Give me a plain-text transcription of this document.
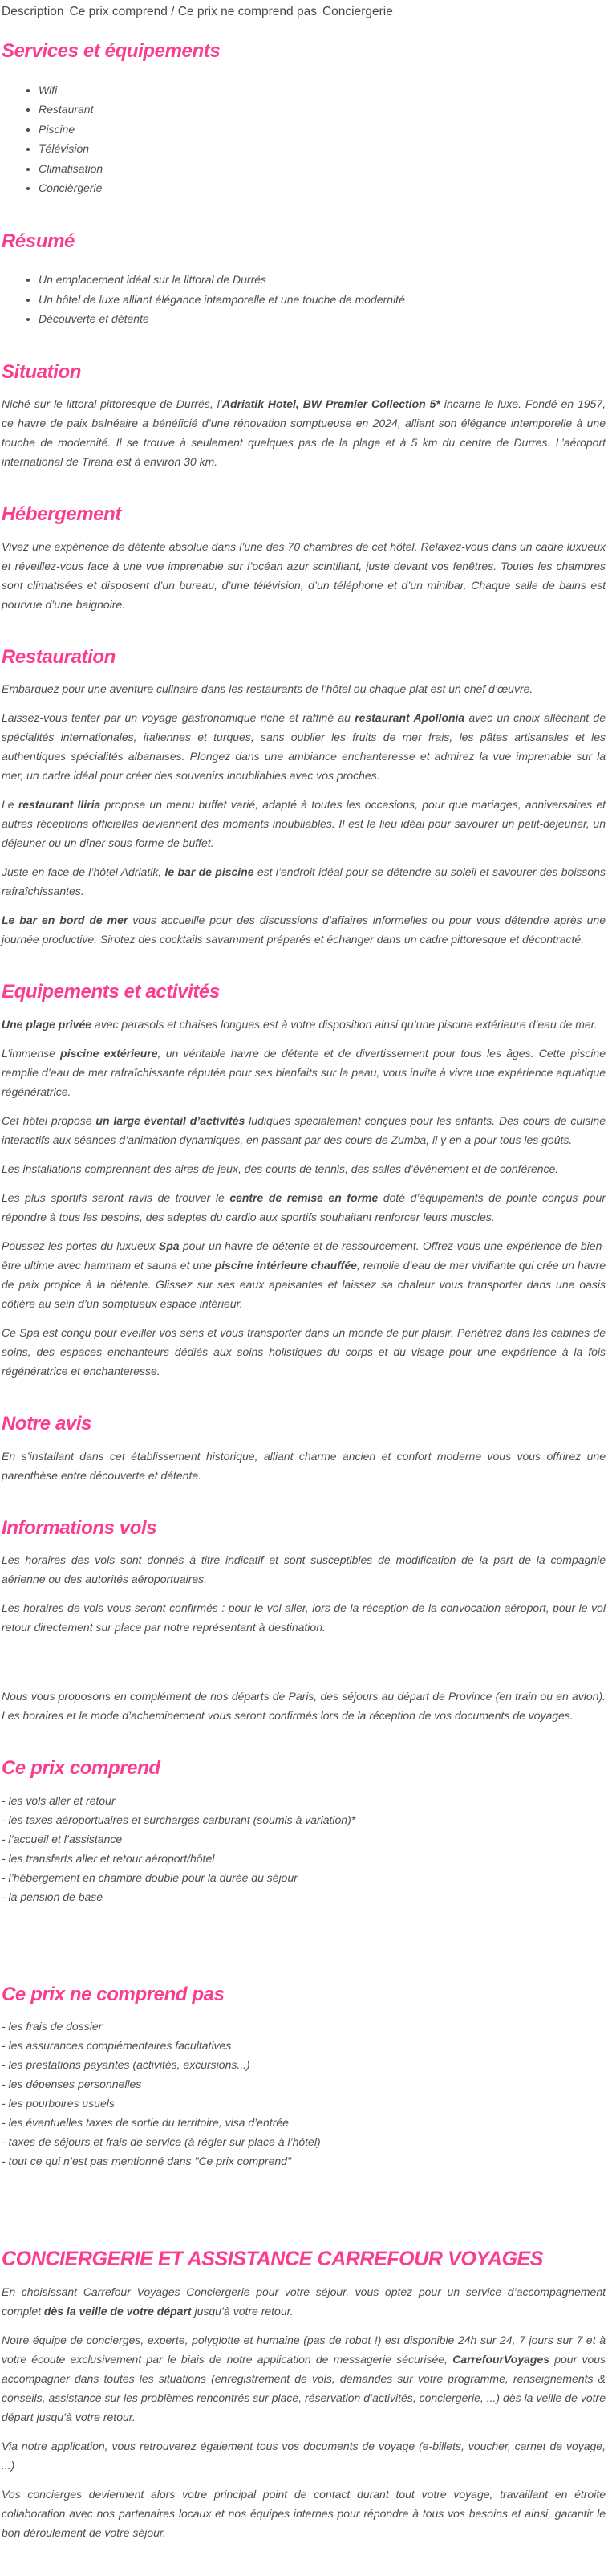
Description Ce prix comprend / Ce prix ne comprend pas Conciergerie
Services et équipements
• Wifi
• Restaurant
• Piscine
• Télévision
• Climatisation
• Concièrgerie
Résumé
• Un emplacement idéal sur le littoral de Durrës
• Un hôtel de luxe alliant élégance intemporelle et une touche de modernité
• Découverte et détente
Situation

Niché sur le littoral pittoresque de Durrës, l’Adriatik Hotel, BW Premier Collection 5* incarne le luxe. Fondé en 1957, ce havre de paix balnéaire a bénéficié d’une rénovation somptueuse en 2024, alliant son élégance intemporelle à une touche de modernité. Il se trouve à seulement quelques pas de la plage et à 5 km du centre de Durres. L’aéroport international de Tirana est à environ 30 km.

Hébergement

Vivez une expérience de détente absolue dans l’une des 70 chambres de cet hôtel. Relaxez-vous dans un cadre luxueux et réveillez-vous face à une vue imprenable sur l’océan azur scintillant, juste devant vos fenêtres. Toutes les chambres sont climatisées et disposent d’un bureau, d’une télévision, d’un téléphone et d’un minibar. Chaque salle de bains est pourvue d’une baignoire.

Restauration

Embarquez pour une aventure culinaire dans les restaurants de l’hôtel ou chaque plat est un chef d’œuvre.

Laissez-vous tenter par un voyage gastronomique riche et raffiné au restaurant Apollonia avec un choix alléchant de spécialités internationales, italiennes et turques, sans oublier les fruits de mer frais, les pâtes artisanales et les authentiques spécialités albanaises. Plongez dans une ambiance enchanteresse et admirez la vue imprenable sur la mer, un cadre idéal pour créer des souvenirs inoubliables avec vos proches.

Le restaurant Iliria propose un menu buffet varié, adapté à toutes les occasions, pour que mariages, anniversaires et autres réceptions officielles deviennent des moments inoubliables. Il est le lieu idéal pour savourer un petit-déjeuner, un déjeuner ou un dîner sous forme de buffet.

Juste en face de l’hôtel Adriatik, le bar de piscine est l’endroit idéal pour se détendre au soleil et savourer des boissons rafraîchissantes.

Le bar en bord de mer vous accueille pour des discussions d’affaires informelles ou pour vous détendre après une journée productive. Sirotez des cocktails savamment préparés et échanger dans un cadre pittoresque et décontracté.

Equipements et activités

Une plage privée avec parasols et chaises longues est à votre disposition ainsi qu’une piscine extérieure d’eau de mer.

L’immense piscine extérieure, un véritable havre de détente et de divertissement pour tous les âges. Cette piscine remplie d’eau de mer rafraîchissante réputée pour ses bienfaits sur la peau, vous invite à vivre une expérience aquatique régénératrice.

Cet hôtel propose un large éventail d’activités ludiques spécialement conçues pour les enfants. Des cours de cuisine interactifs aux séances d’animation dynamiques, en passant par des cours de Zumba, il y en a pour tous les goûts.

Les installations comprennent des aires de jeux, des courts de tennis, des salles d’événement et de conférence.

Les plus sportifs seront ravis de trouver le centre de remise en forme doté d’équipements de pointe conçus pour répondre à tous les besoins, des adeptes du cardio aux sportifs souhaitant renforcer leurs muscles.

Poussez les portes du luxueux Spa pour un havre de détente et de ressourcement. Offrez-vous une expérience de bien-être ultime avec hammam et sauna et une piscine intérieure chauffée, remplie d’eau de mer vivifiante qui crée un havre de paix propice à la détente. Glissez sur ses eaux apaisantes et laissez sa chaleur vous transporter dans une oasis côtière au sein d’un somptueux espace intérieur.

Ce Spa est conçu pour éveiller vos sens et vous transporter dans un monde de pur plaisir. Pénétrez dans les cabines de soins, des espaces enchanteurs dédiés aux soins holistiques du corps et du visage pour une expérience à la fois régénératrice et enchanteresse.

Notre avis

En s’installant dans cet établissement historique, alliant charme ancien et confort moderne vous vous offrirez une parenthèse entre découverte et détente.

Informations vols

Les horaires des vols sont donnés à titre indicatif et sont susceptibles de modification de la part de la compagnie aérienne ou des autorités aéroportuaires.

Les horaires de vols vous seront confirmés : pour le vol aller, lors de la réception de la convocation aéroport, pour le vol retour directement sur place par notre représentant à destination.

Nous vous proposons en complément de nos départs de Paris, des séjours au départ de Province (en train ou en avion). Les horaires et le mode d’acheminement vous seront confirmés lors de la réception de vos documents de voyages.

Ce prix comprend
- les vols aller et retour
- les taxes aéroportuaires et surcharges carburant (soumis à variation)*
- l’accueil et l’assistance
- les transferts aller et retour aéroport/hôtel
- l’hébergement en chambre double pour la durée du séjour
- la pension de base
Ce prix ne comprend pas
- les frais de dossier
- les assurances complémentaires facultatives
- les prestations payantes (activités, excursions...)
- les dépenses personnelles
- les pourboires usuels
- les éventuelles taxes de sortie du territoire, visa d’entrée
- taxes de séjours et frais de service (à régler sur place à l’hôtel)
- tout ce qui n’est pas mentionné dans "Ce prix comprend"
CONCIERGERIE ET ASSISTANCE CARREFOUR VOYAGES

En choisissant Carrefour Voyages Conciergerie pour votre séjour, vous optez pour un service d’accompagnement complet dès la veille de votre départ jusqu’à votre retour.

Notre équipe de concierges, experte, polyglotte et humaine (pas de robot !) est disponible 24h sur 24, 7 jours sur 7 et à votre écoute exclusivement par le biais de notre application de messagerie sécurisée, CarrefourVoyages pour vous accompagner dans toutes les situations (enregistrement de vols, demandes sur votre programme, renseignements & conseils, assistance sur les problèmes rencontrés sur place, réservation d’activités, conciergerie, ...) dès la veille de votre départ jusqu’à votre retour.

Via notre application, vous retrouverez également tous vos documents de voyage (e-billets, voucher, carnet de voyage, ...)

Vos concierges deviennent alors votre principal point de contact durant tout votre voyage, travaillant en étroite collaboration avec nos partenaires locaux et nos équipes internes pour répondre à tous vos besoins et ainsi, garantir le bon déroulement de votre séjour.
